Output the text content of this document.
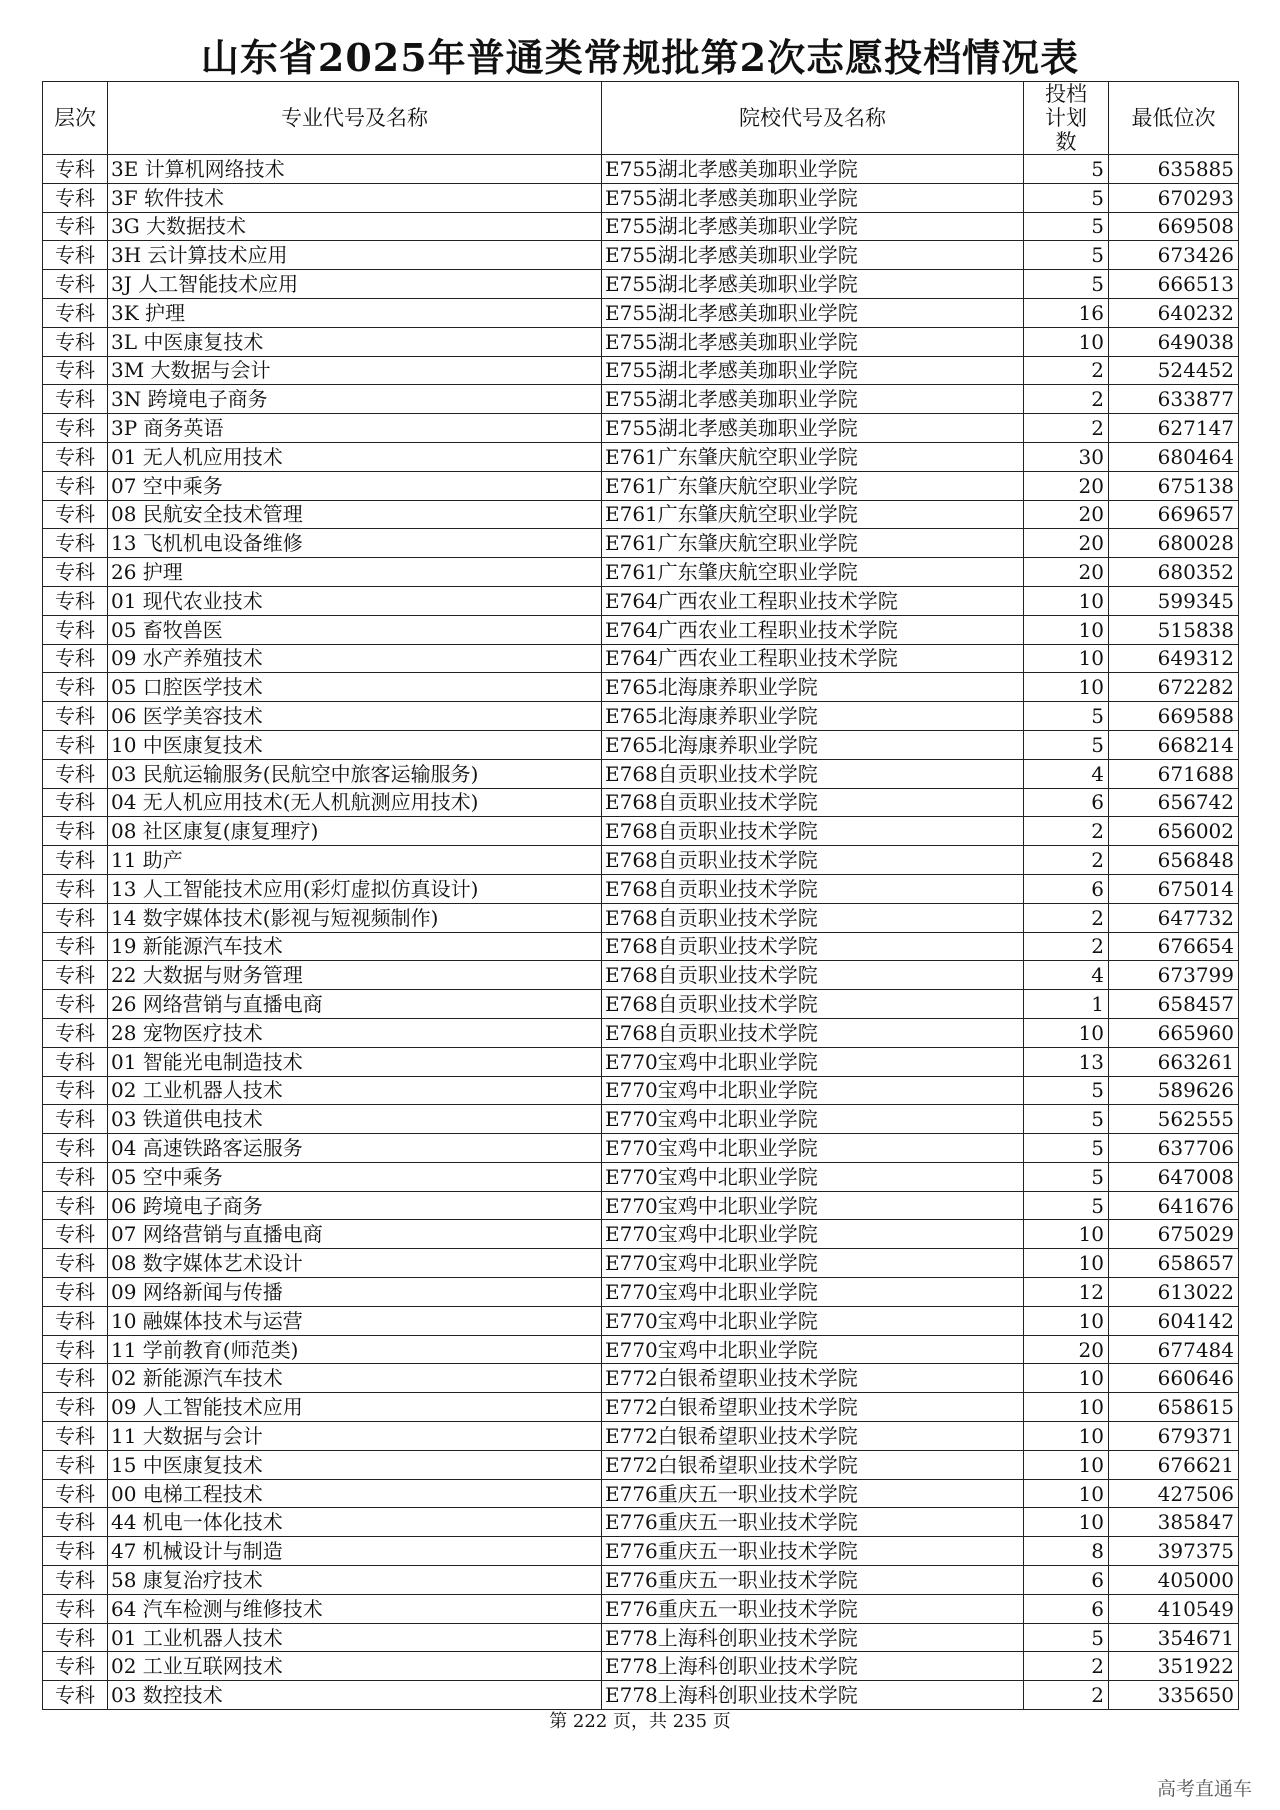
山东省2025年普通类常规批第2次志愿投档情况表
层次	专业代号及名称	院校代号及名称	投档计划数	最低位次
专科	3E 计算机网络技术	E755湖北孝感美珈职业学院	5	635885
专科	3F 软件技术	E755湖北孝感美珈职业学院	5	670293
专科	3G 大数据技术	E755湖北孝感美珈职业学院	5	669508
专科	3H 云计算技术应用	E755湖北孝感美珈职业学院	5	673426
专科	3J 人工智能技术应用	E755湖北孝感美珈职业学院	5	666513
专科	3K 护理	E755湖北孝感美珈职业学院	16	640232
专科	3L 中医康复技术	E755湖北孝感美珈职业学院	10	649038
专科	3M 大数据与会计	E755湖北孝感美珈职业学院	2	524452
专科	3N 跨境电子商务	E755湖北孝感美珈职业学院	2	633877
专科	3P 商务英语	E755湖北孝感美珈职业学院	2	627147
专科	01 无人机应用技术	E761广东肇庆航空职业学院	30	680464
专科	07 空中乘务	E761广东肇庆航空职业学院	20	675138
专科	08 民航安全技术管理	E761广东肇庆航空职业学院	20	669657
专科	13 飞机机电设备维修	E761广东肇庆航空职业学院	20	680028
专科	26 护理	E761广东肇庆航空职业学院	20	680352
专科	01 现代农业技术	E764广西农业工程职业技术学院	10	599345
专科	05 畜牧兽医	E764广西农业工程职业技术学院	10	515838
专科	09 水产养殖技术	E764广西农业工程职业技术学院	10	649312
专科	05 口腔医学技术	E765北海康养职业学院	10	672282
专科	06 医学美容技术	E765北海康养职业学院	5	669588
专科	10 中医康复技术	E765北海康养职业学院	5	668214
专科	03 民航运输服务(民航空中旅客运输服务)	E768自贡职业技术学院	4	671688
专科	04 无人机应用技术(无人机航测应用技术)	E768自贡职业技术学院	6	656742
专科	08 社区康复(康复理疗)	E768自贡职业技术学院	2	656002
专科	11 助产	E768自贡职业技术学院	2	656848
专科	13 人工智能技术应用(彩灯虚拟仿真设计)	E768自贡职业技术学院	6	675014
专科	14 数字媒体技术(影视与短视频制作)	E768自贡职业技术学院	2	647732
专科	19 新能源汽车技术	E768自贡职业技术学院	2	676654
专科	22 大数据与财务管理	E768自贡职业技术学院	4	673799
专科	26 网络营销与直播电商	E768自贡职业技术学院	1	658457
专科	28 宠物医疗技术	E768自贡职业技术学院	10	665960
专科	01 智能光电制造技术	E770宝鸡中北职业学院	13	663261
专科	02 工业机器人技术	E770宝鸡中北职业学院	5	589626
专科	03 铁道供电技术	E770宝鸡中北职业学院	5	562555
专科	04 高速铁路客运服务	E770宝鸡中北职业学院	5	637706
专科	05 空中乘务	E770宝鸡中北职业学院	5	647008
专科	06 跨境电子商务	E770宝鸡中北职业学院	5	641676
专科	07 网络营销与直播电商	E770宝鸡中北职业学院	10	675029
专科	08 数字媒体艺术设计	E770宝鸡中北职业学院	10	658657
专科	09 网络新闻与传播	E770宝鸡中北职业学院	12	613022
专科	10 融媒体技术与运营	E770宝鸡中北职业学院	10	604142
专科	11 学前教育(师范类)	E770宝鸡中北职业学院	20	677484
专科	02 新能源汽车技术	E772白银希望职业技术学院	10	660646
专科	09 人工智能技术应用	E772白银希望职业技术学院	10	658615
专科	11 大数据与会计	E772白银希望职业技术学院	10	679371
专科	15 中医康复技术	E772白银希望职业技术学院	10	676621
专科	00 电梯工程技术	E776重庆五一职业技术学院	10	427506
专科	44 机电一体化技术	E776重庆五一职业技术学院	10	385847
专科	47 机械设计与制造	E776重庆五一职业技术学院	8	397375
专科	58 康复治疗技术	E776重庆五一职业技术学院	6	405000
专科	64 汽车检测与维修技术	E776重庆五一职业技术学院	6	410549
专科	01 工业机器人技术	E778上海科创职业技术学院	5	354671
专科	02 工业互联网技术	E778上海科创职业技术学院	2	351922
专科	03 数控技术	E778上海科创职业技术学院	2	335650
第 222 页，共 235 页
高考直通车
